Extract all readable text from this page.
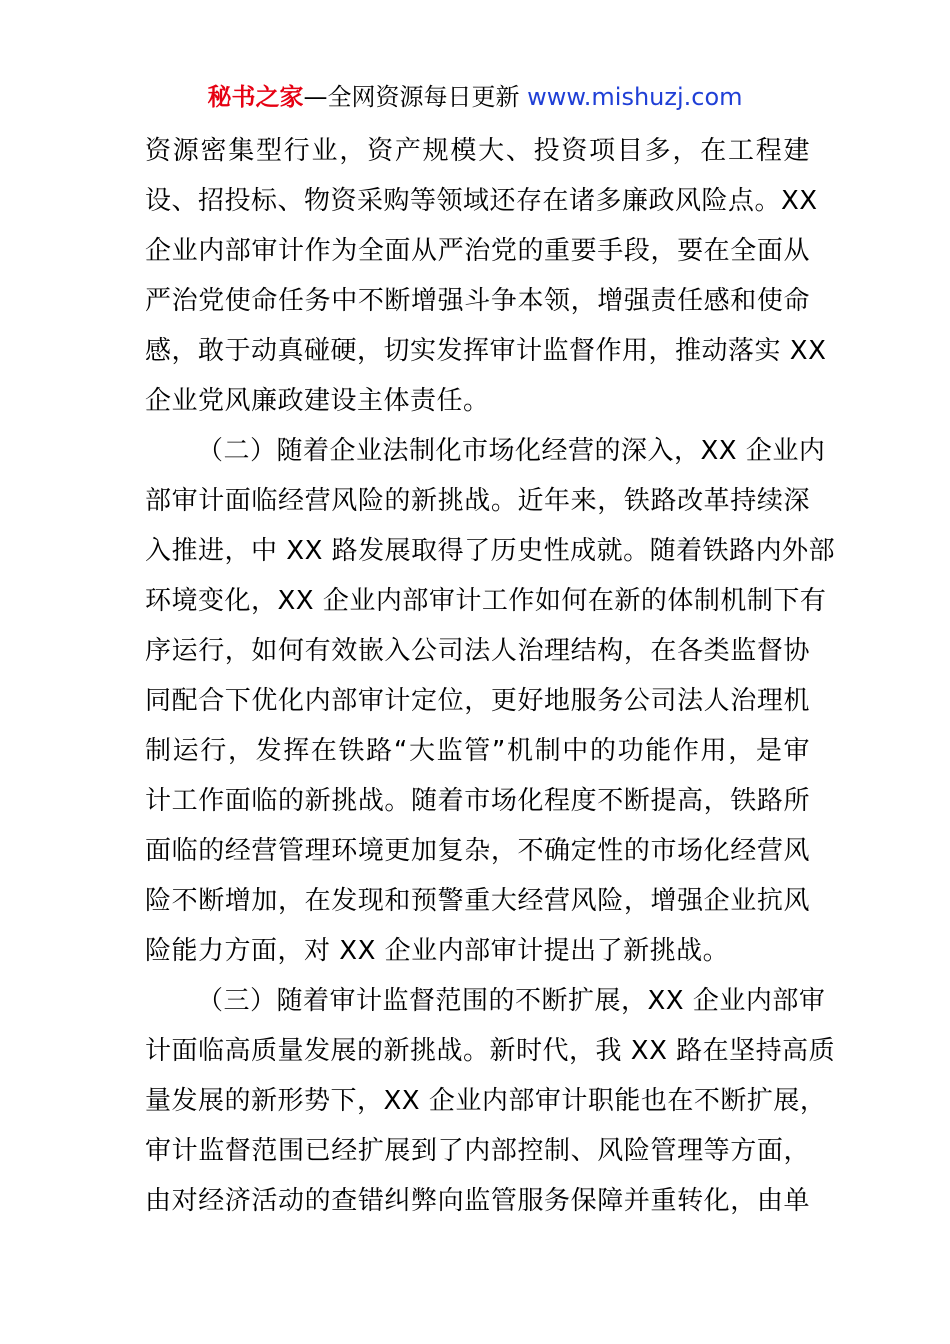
秘书之家—全网资源每日更新 www.mishuzj.com
资源密集型行业，资产规模大、投资项目多，在工程建
设、招投标、物资采购等领域还存在诸多廉政风险点。XX
企业内部审计作为全面从严治党的重要手段，要在全面从
严治党使命任务中不断增强斗争本领，增强责任感和使命
感，敢于动真碰硬，切实发挥审计监督作用，推动落实 XX
企业党风廉政建设主体责任。
（二）随着企业法制化市场化经营的深入，XX 企业内
部审计面临经营风险的新挑战。近年来，铁路改革持续深
入推进，中 XX 路发展取得了历史性成就。随着铁路内外部
环境变化，XX 企业内部审计工作如何在新的体制机制下有
序运行，如何有效嵌入公司法人治理结构，在各类监督协
同配合下优化内部审计定位，更好地服务公司法人治理机
制运行，发挥在铁路“大监管”机制中的功能作用，是审
计工作面临的新挑战。随着市场化程度不断提高，铁路所
面临的经营管理环境更加复杂，不确定性的市场化经营风
险不断增加，在发现和预警重大经营风险，增强企业抗风
险能力方面，对 XX 企业内部审计提出了新挑战。
（三）随着审计监督范围的不断扩展，XX 企业内部审
计面临高质量发展的新挑战。新时代，我 XX 路在坚持高质
量发展的新形势下，XX 企业内部审计职能也在不断扩展，
审计监督范围已经扩展到了内部控制、风险管理等方面，
由对经济活动的查错纠弊向监管服务保障并重转化，由单
